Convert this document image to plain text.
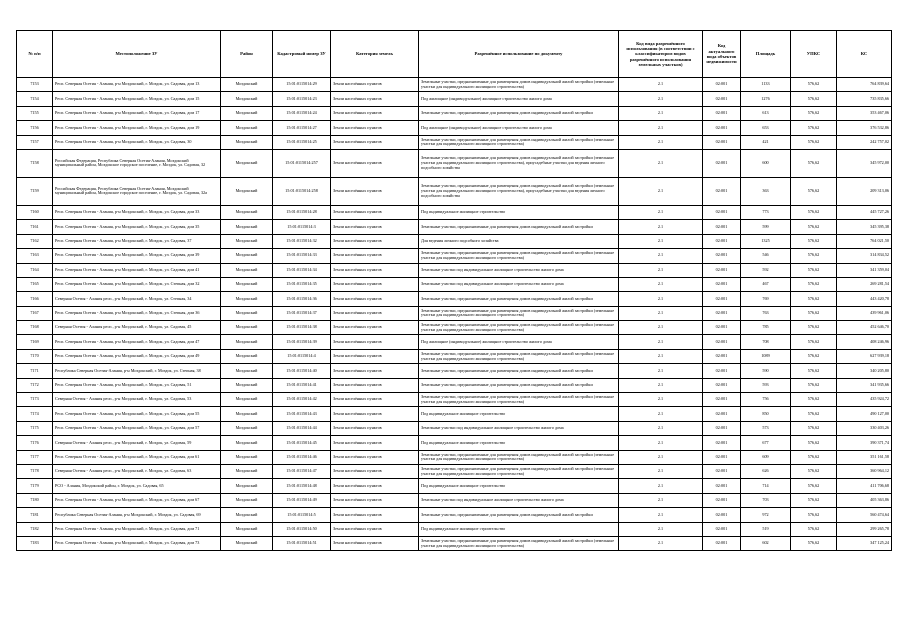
№ п/п	Местоположение ЗУ	Район	Кадастровый номер ЗУ	Категория земель	Разрешённое использование по документу	Код вида разрешённого использования (в соответствии с классификатором видов разрешённого использования земельных участков)	Код актуального вида объектов недвижимости	Площадь	УПКС	КС
7153	Респ. Северная Осетия - Алания, р-н Моздокский, г. Моздок, ул. Садовая, дом 13	Моздокский	15:01:0115014:29	Земли населённых пунктов	Земельные участки, предназначенные для размещения домов индивидуальной жилой застройки (земельные участки для индивидуального жилищного строительства)	2.1	02:001	1133	576,62	764 839,64
7154	Респ. Северная Осетия - Алания, р-н Моздокский, г. Моздок, ул. Садовая, дом 15	Моздокский	15:01:0115014:23	Земли населённых пунктов	Под жилищное (индивидуальное) жилищное строительство жилого дома	2.1	02:001	1276	576,62	735 835,66
7155	Респ. Северная Осетия - Алания, р-н Моздокский, г. Моздок, ул. Садовая, дом 17	Моздокский	15:01:0115014:24	Земли населённых пунктов	Земельные участки, предназначенные для размещения домов индивидуальной жилой застройки	2.1	02:001	613	576,62	353 467,06
7156	Респ. Северная Осетия - Алания, р-н Моздокский, г. Моздок, ул. Садовая, дом 19	Моздокский	15:01:0115014:27	Земли населённых пунктов	Под жилищное (индивидуальное) жилищное строительство жилого дома	2.1	02:001	653	576,62	376 532,86
7157	Респ. Северная Осетия - Алания, р-н Моздокский, г. Моздок, ул. Садовая, 30	Моздокский	15:01:0115014:25	Земли населённых пунктов	Земельные участки, предназначенные для размещения домов индивидуальной жилой застройки (земельные участки для индивидуального жилищного строительства)	2.1	02:001	421	576,62	242 757,02
7158	Российская Федерация, Республика Северная Осетия-Алания, Моздокский муниципальный район, Моздокское городское поселение, г. Моздок, ул. Садовая, 32	Моздокский	15:01:0115014:257	Земли населённых пунктов	Земельные участки, предназначенные для размещения домов индивидуальной жилой застройки (земельные участки для индивидуального жилищного строительства), приусадебные участки для ведения личного подсобного хозяйства	2.1	02:001	600	576,62	345 972,00
7159	Российская Федерация, Республика Северная Осетия-Алания, Моздокский муниципальный район, Моздокское городское поселение, г. Моздок, ул. Садовая, 32а	Моздокский	15:01:0115014:258	Земли населённых пунктов	Земельные участки, предназначенные для размещения домов индивидуальной жилой застройки (земельные участки для индивидуального жилищного строительства), приусадебные участки для ведения личного подсобного хозяйства	2.1	02:001	363	576,62	209 313,06
7160	Респ. Северная Осетия - Алания, р-н Моздокский, г. Моздок, ул. Садовая, дом 33	Моздокский	15:01:0115014:28	Земли населённых пунктов	Под индивидуальное жилищное строительство	2.1	02:001	773	576,62	445 727,26
7161	Респ. Северная Осетия - Алания, р-н Моздокский, г. Моздок, ул. Садовая, дом 35	Моздокский	15:01:0115014:3	Земли населённых пунктов	Земельные участки, предназначенные для размещения домов индивидуальной жилой застройки	2.1	02:001	599	576,62	345 395,38
7162	Респ. Северная Осетия - Алания, р-н Моздокский, г. Моздок, ул. Садовая, 37	Моздокский	15:01:0115014:32	Земли населённых пунктов	Для ведения личного подсобного хозяйства	2.1	02:001	1325	576,62	764 021,50
7163	Респ. Северная Осетия - Алания, р-н Моздокский, г. Моздок, ул. Садовая, дом 39	Моздокский	15:01:0115014:33	Земли населённых пунктов	Земельные участки, предназначенные для размещения домов индивидуальной жилой застройки (земельные участки для индивидуального жилищного строительства)	2.1	02:001	546	576,62	314 834,52
7164	Респ. Северная Осетия - Алания, р-н Моздокский, г. Моздок, ул. Садовая, дом 41	Моздокский	15:01:0115014:34	Земли населённых пунктов	Земельные участки под индивидуальное жилищное строительство жилого дома	2.1	02:001	592	576,62	341 359,04
7165	Респ. Северная Осетия - Алания, р-н Моздокский, г. Моздок, ул. Степная, дом 32	Моздокский	15:01:0115014:35	Земли населённых пунктов	Земельные участки под индивидуальное жилищное строительство жилого дома	2.1	02:001	467	576,62	269 281,54
7166	Северная Осетия - Алания респ., р-н Моздокский, г. Моздок, ул. Степная, 34	Моздокский	15:01:0115014:36	Земли населённых пунктов	Земельные участки, предназначенные для размещения домов индивидуальной жилой застройки	2.1	02:001	769	576,62	443 420,78
7167	Респ. Северная Осетия - Алания, р-н Моздокский, г. Моздок, ул. Степная, дом 36	Моздокский	15:01:0115014:37	Земли населённых пунктов	Земельные участки, предназначенные для размещения домов индивидуальной жилой застройки (земельные участки для индивидуального жилищного строительства)	2.1	02:001	763	576,62	439 961,06
7168	Северная Осетия - Алания респ., р-н Моздокский, г. Моздок, ул. Садовая, 45	Моздокский	15:01:0115014:38	Земли населённых пунктов	Земельные участки, предназначенные для размещения домов индивидуальной жилой застройки (земельные участки для индивидуального жилищного строительства)	2.1	02:001	785	576,62	452 646,70
7169	Респ. Северная Осетия - Алания, р-н Моздокский, г. Моздок, ул. Садовая, дом 47	Моздокский	15:01:0115014:39	Земли населённых пунктов	Под жилищное (индивидуальное) жилищное строительство жилого дома	2.1	02:001	708	576,62	408 246,96
7170	Респ. Северная Осетия - Алания, р-н Моздокский, г. Моздок, ул. Садовая, дом 49	Моздокский	15:01:0115014:4	Земли населённых пунктов	Земельные участки, предназначенные для размещения домов индивидуальной жилой застройки (земельные участки для индивидуального жилищного строительства)	2.1	02:001	1089	576,62	627 939,18
7171	Республика Северная Осетия-Алания, р-н Моздокский, г. Моздок, ул. Степная, 38	Моздокский	15:01:0115014:40	Земли населённых пунктов	Земельные участки, предназначенные для размещения домов индивидуальной жилой застройки	2.1	02:001	590	576,62	340 205,80
7172	Респ. Северная Осетия - Алания, р-н Моздокский, г. Моздок, ул. Садовая, 51	Моздокский	15:01:0115014:41	Земли населённых пунктов	Земельные участки, предназначенные для размещения домов индивидуальной жилой застройки	2.1	02:001	593	576,62	341 935,66
7173	Северная Осетия - Алания респ., р-н Моздокский, г. Моздок, ул. Садовая, 53	Моздокский	15:01:0115014:42	Земли населённых пунктов	Земельные участки, предназначенные для размещения домов индивидуальной жилой застройки (земельные участки для индивидуального жилищного строительства)	2.1	02:001	756	576,62	435 924,72
7174	Респ. Северная Осетия - Алания, р-н Моздокский, г. Моздок, ул. Садовая, дом 55	Моздокский	15:01:0115014:43	Земли населённых пунктов	Под индивидуальное жилищное строительство	2.1	02:001	850	576,62	490 127,00
7175	Респ. Северная Осетия - Алания, р-н Моздокский, г. Моздок, ул. Садовая, дом 57	Моздокский	15:01:0115014:44	Земли населённых пунктов	Земельные участки под индивидуальное жилищное строительство жилого дома	2.1	02:001	573	576,62	330 403,26
7176	Северная Осетия - Алания респ., р-н Моздокский, г. Моздок, ул. Садовая, 59	Моздокский	15:01:0115014:45	Земли населённых пунктов	Под индивидуальное жилищное строительство	2.1	02:001	677	576,62	390 371,74
7177	Респ. Северная Осетия - Алания, р-н Моздокский, г. Моздок, ул. Садовая, дом 61	Моздокский	15:01:0115014:46	Земли населённых пунктов	Земельные участки, предназначенные для размещения домов индивидуальной жилой застройки (земельные участки для индивидуального жилищного строительства)	2.1	02:001	609	576,62	351 161,58
7178	Северная Осетия - Алания респ., р-н Моздокский, г. Моздок, ул. Садовая, 63	Моздокский	15:01:0115014:47	Земли населённых пунктов	Земельные участки, предназначенные для размещения домов индивидуальной жилой застройки (земельные участки для индивидуального жилищного строительства)	2.1	02:001	626	576,62	360 964,12
7179	РСО - Алания, Моздокский район, г. Моздок, ул. Садовая, 65	Моздокский	15:01:0115014:48	Земли населённых пунктов	Под индивидуальное жилищное строительство	2.1	02:001	714	576,62	411 706,68
7180	Респ. Северная Осетия - Алания, р-н Моздокский, г. Моздок, ул. Садовая, дом 67	Моздокский	15:01:0115014:49	Земли населённых пунктов	Земельные участки под индивидуальное жилищное строительство жилого дома	2.1	02:001	703	576,62	405 363,86
7181	Республика Северная Осетия-Алания, р-н Моздокский, г. Моздок, ул. Садовая, 69	Моздокский	15:01:0115014:5	Земли населённых пунктов	Земельные участки, предназначенные для размещения домов индивидуальной жилой застройки	2.1	02:001	972	576,62	560 474,64
7182	Респ. Северная Осетия - Алания, р-н Моздокский, г. Моздок, ул. Садовая, дом 71	Моздокский	15:01:0115014:50	Земли населённых пунктов	Под индивидуальное жилищное строительство	2.1	02:001	519	576,62	299 265,78
7183	Респ. Северная Осетия - Алания, р-н Моздокский, г. Моздок, ул. Садовая, дом 73	Моздокский	15:01:0115014:51	Земли населённых пунктов	Земельные участки, предназначенные для размещения домов индивидуальной жилой застройки (земельные участки для индивидуального жилищного строительства)	2.1	02:001	602	576,62	347 125,24
